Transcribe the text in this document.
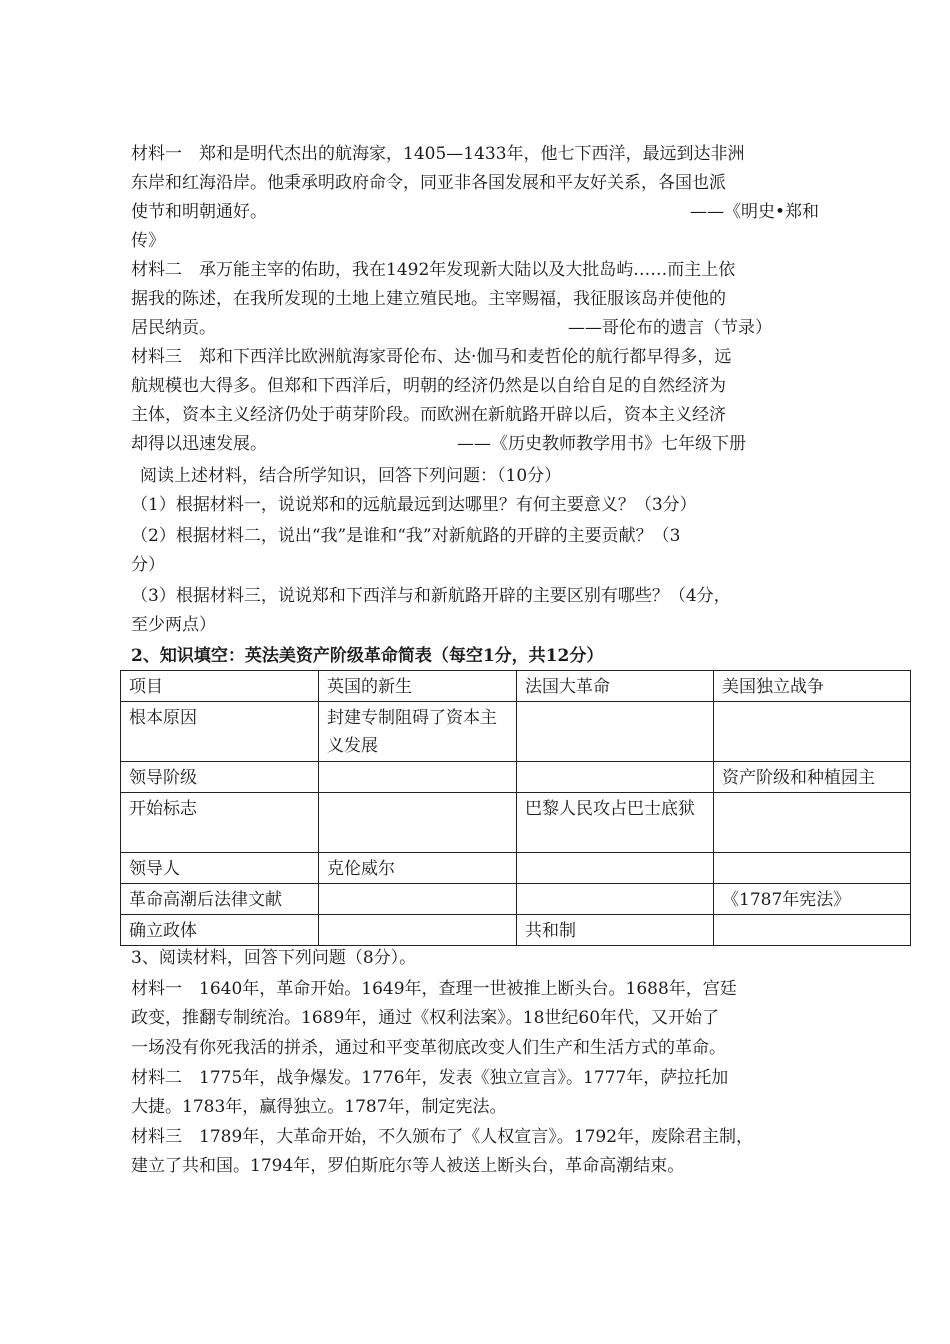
材料一　郑和是明代杰出的航海家，1405—1433年，他七下西洋，最远到达非洲
东岸和红海沿岸。他秉承明政府命令，同亚非各国发展和平友好关系，各国也派
使节和明朝通好。	——《明史•郑和
传》
材料二　承万能主宰的佑助，我在1492年发现新大陆以及大批岛屿……而主上依
据我的陈述，在我所发现的土地上建立殖民地。主宰赐福，我征服该岛并使他的
居民纳贡。	——哥伦布的遗言（节录）
材料三　郑和下西洋比欧洲航海家哥伦布、达·伽马和麦哲伦的航行都早得多，远
航规模也大得多。但郑和下西洋后，明朝的经济仍然是以自给自足的自然经济为
主体，资本主义经济仍处于萌芽阶段。而欧洲在新航路开辟以后，资本主义经济
却得以迅速发展。	——《历史教师教学用书》七年级下册
阅读上述材料，结合所学知识，回答下列问题：（10分）
（1）根据材料一，说说郑和的远航最远到达哪里？有何主要意义？（3分）
（2）根据材料二，说出“我”是谁和“我”对新航路的开辟的主要贡献？（3
分）
（3）根据材料三，说说郑和下西洋与和新航路开辟的主要区别有哪些？（4分，
至少两点）
2、知识填空：英法美资产阶级革命简表（每空1分，共12分）
项目	英国的新生	法国大革命	美国独立战争
根本原因	封建专制阻碍了资本主义发展		
领导阶级			资产阶级和种植园主
开始标志		巴黎人民攻占巴士底狱	
领导人	克伦威尔		
革命高潮后法律文献			《1787年宪法》
确立政体		共和制	
3、阅读材料，回答下列问题（8分）。
材料一　1640年，革命开始。1649年，查理一世被推上断头台。1688年，宫廷
政变，推翻专制统治。1689年，通过《权利法案》。18世纪60年代，又开始了
一场没有你死我活的拼杀，通过和平变革彻底改变人们生产和生活方式的革命。
材料二　1775年，战争爆发。1776年，发表《独立宣言》。1777年，萨拉托加
大捷。1783年，赢得独立。1787年，制定宪法。
材料三　1789年，大革命开始，不久颁布了《人权宣言》。1792年，废除君主制，
建立了共和国。1794年，罗伯斯庇尔等人被送上断头台，革命高潮结束。
